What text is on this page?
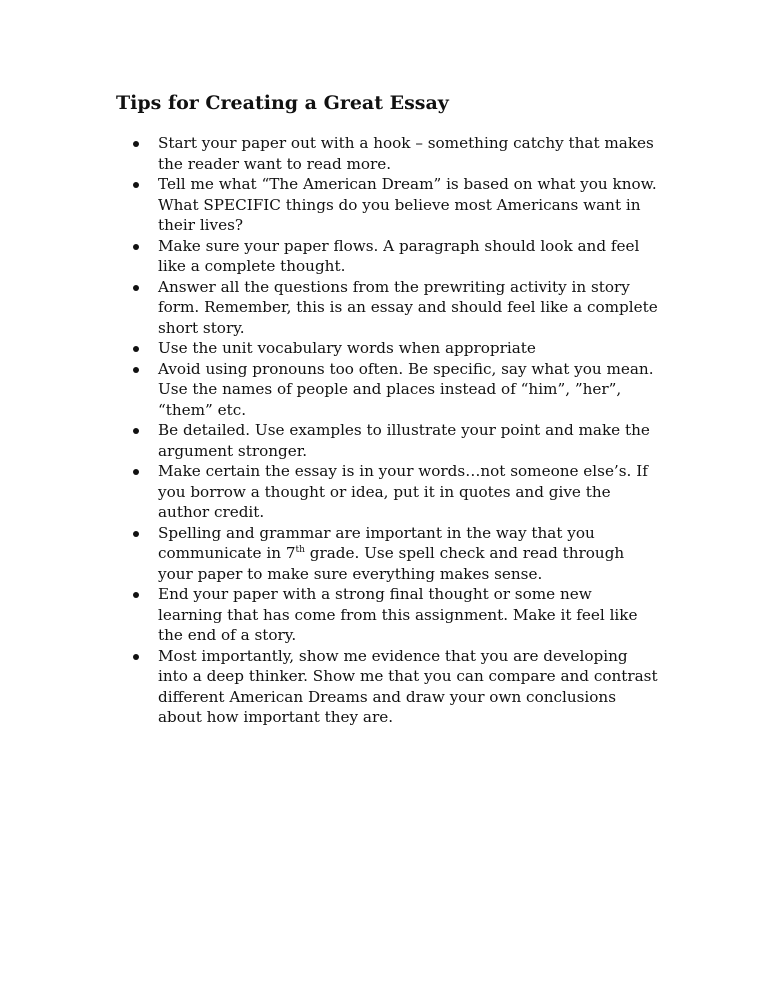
Tips for Creating a Great Essay
Start your paper out with a hook – something catchy that makes the reader want to read more.
Tell me what “The American Dream” is based on what you know. What SPECIFIC things do you believe most Americans want in their lives?
Make sure your paper flows. A paragraph should look and feel like a complete thought.
Answer all the questions from the prewriting activity in story form. Remember, this is an essay and should feel like a complete short story.
Use the unit vocabulary words when appropriate
Avoid using pronouns too often. Be specific, say what you mean. Use the names of people and places instead of “him”, ”her”, “them” etc.
Be detailed. Use examples to illustrate your point and make the argument stronger.
Make certain the essay is in your words…not someone else’s. If you borrow a thought or idea, put it in quotes and give the author credit.
Spelling and grammar are important in the way that you communicate in 7th grade. Use spell check and read through your paper to make sure everything makes sense.
End your paper with a strong final thought or some new learning that has come from this assignment. Make it feel like the end of a story.
Most importantly, show me evidence that you are developing into a deep thinker. Show me that you can compare and contrast different American Dreams and draw your own conclusions about how important they are.
